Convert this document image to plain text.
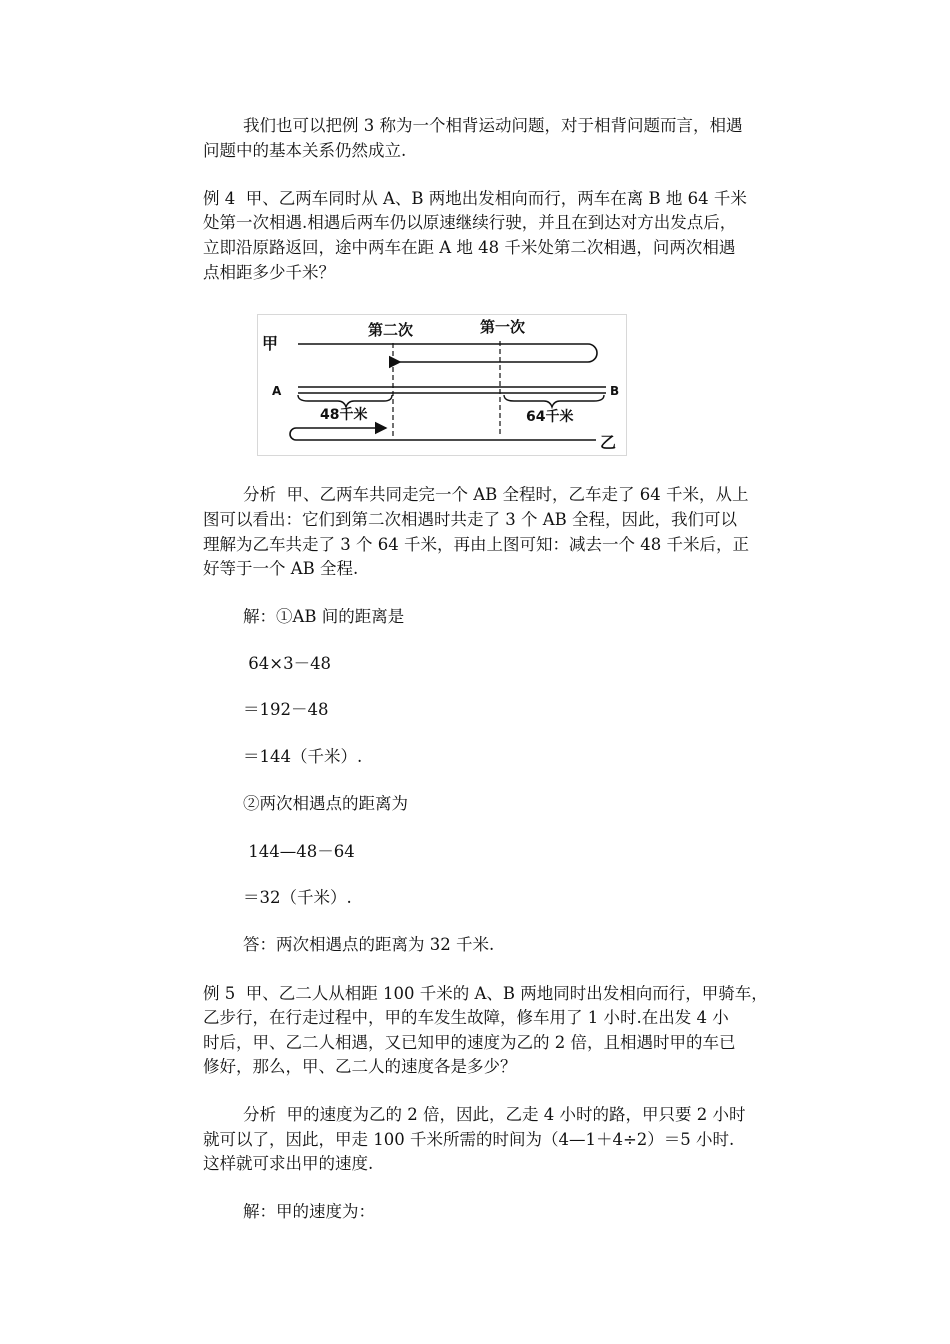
我们也可以把例 3 称为一个相背运动问题，对于相背问题而言，相遇
问题中的基本关系仍然成立.
例 4  甲、乙两车同时从 A、B 两地出发相向而行，两车在离 B 地 64 千米
处第一次相遇.相遇后两车仍以原速继续行驶，并且在到达对方出发点后，
立即沿原路返回，途中两车在距 A 地 48 千米处第二次相遇，问两次相遇
点相距多少千米？
第二次	第一次
甲
A	B
48千米	64千米
乙
分析  甲、乙两车共同走完一个 AB 全程时，乙车走了 64 千米，从上
图可以看出：它们到第二次相遇时共走了 3 个 AB 全程，因此，我们可以
理解为乙车共走了 3 个 64 千米，再由上图可知：减去一个 48 千米后，正
好等于一个 AB 全程.
解：①AB 间的距离是
64×3－48
＝192－48
＝144（千米）.
②两次相遇点的距离为
144—48－64
＝32（千米）.
答：两次相遇点的距离为 32 千米.
例 5  甲、乙二人从相距 100 千米的 A、B 两地同时出发相向而行，甲骑车，
乙步行，在行走过程中，甲的车发生故障，修车用了 1 小时.在出发 4 小
时后，甲、乙二人相遇，又已知甲的速度为乙的 2 倍，且相遇时甲的车已
修好，那么，甲、乙二人的速度各是多少？
分析  甲的速度为乙的 2 倍，因此，乙走 4 小时的路，甲只要 2 小时
就可以了，因此，甲走 100 千米所需的时间为（4—1＋4÷2）＝5 小时.
这样就可求出甲的速度.
解：甲的速度为：
